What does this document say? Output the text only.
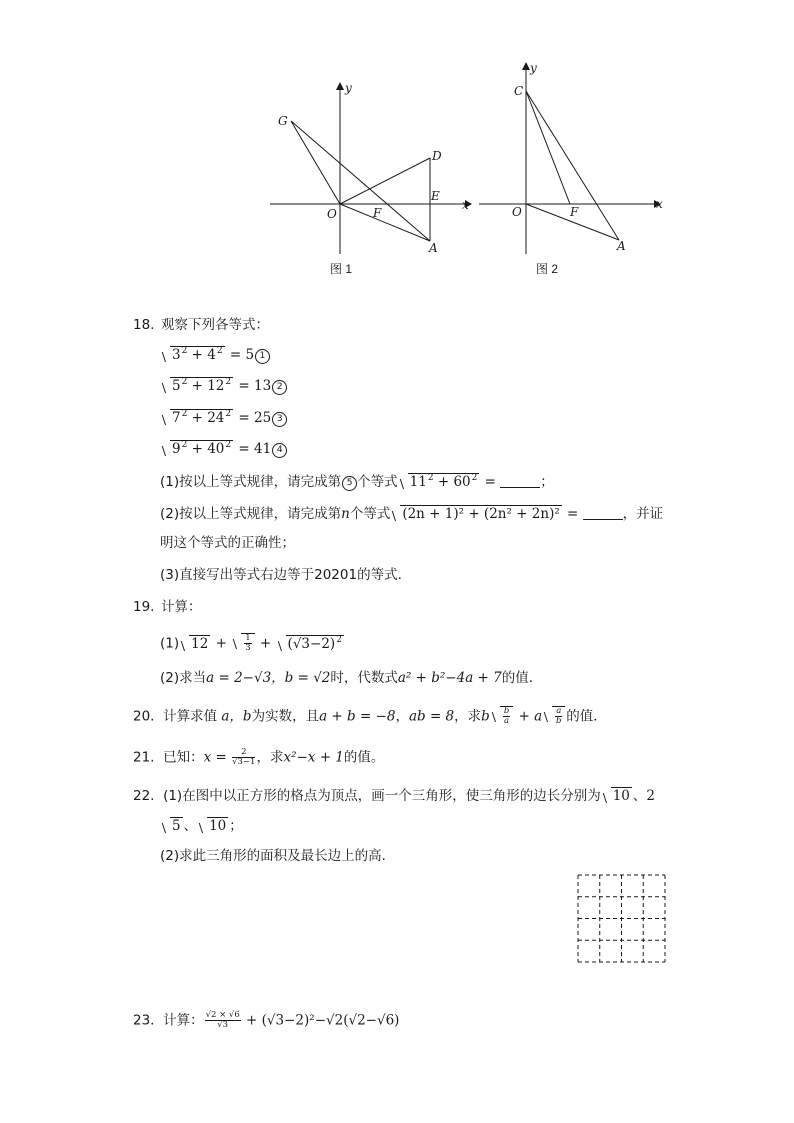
G
y
D
E
x
O	F
A
图 1
C
y
x
O	F
A
图 2
18. 观察下列各等式：
$3^2 + 4^2 = 5$ 1
$5^2 + 12^2 = 13$ 2
$7^2 + 24^2 = 25$ 3
$9^2 + 40^2 = 41$ 4
(1)按以上等式规律，请完成第 5 个等式 $11^2 + 60^2$ =	；
(2)按以上等式规律，请完成第n个等式 (2n + 1)² + (2n² + 2n)² =	，并证
明这个等式的正确性；
(3)直接写出等式右边等于20201的等式．
19. 计算：
(1) $12 + \frac{1}{3} + (√3-2)^2$
(2)求当a = 2−√3，b = √2时，代数式a² + b²−4a + 7的值．
20. 计算求值 a，b为实数，且a + b = −8，ab = 8，求b $\frac{b}{a} + a \frac{a}{b}$ 的值．
21. 已知：$x = \frac{2}{√3-1}$ ，求x²−x + 1的值。
22. (1)在图中以正方形的格点为顶点，画一个三角形，使三角形的边长分别为 10 、2
5 、 10 ；
(2)求此三角形的面积及最长边上的高．
23. 计算： $\frac{√2 \times √6}{√3} + (√3-2)^2-√2(√2-√6)$
